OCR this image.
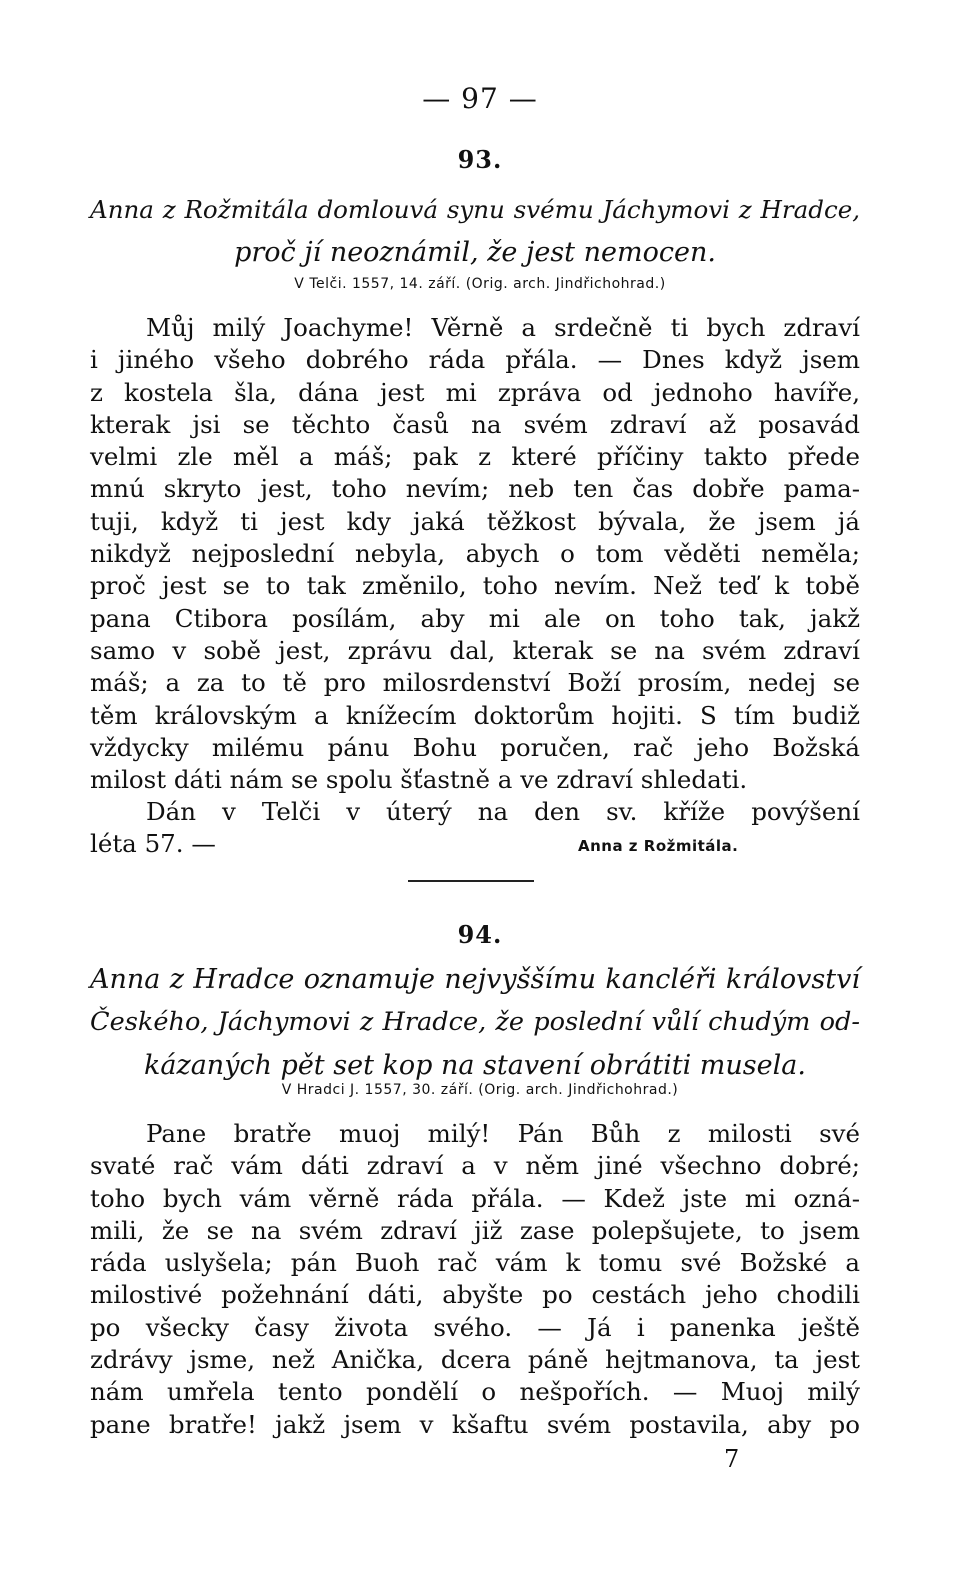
— 97 —
93.
Anna z Rožmitála domlouvá synu svému Jáchymovi z Hradce,
proč jí neoznámil, že jest nemocen.
V Telči. 1557, 14. září. (Orig. arch. Jindřichohrad.)
Můj milý Joachyme! Věrně a srdečně ti bych zdraví
i jiného všeho dobrého ráda přála. — Dnes když jsem
z kostela šla, dána jest mi zpráva od jednoho havíře,
kterak jsi se těchto časů na svém zdraví až posavád
velmi zle měl a máš; pak z které příčiny takto přede
mnú skryto jest, toho nevím; neb ten čas dobře pama-
tuji, když ti jest kdy jaká těžkost bývala, že jsem já
nikdyž nejposlední nebyla, abych o tom věděti neměla;
proč jest se to tak změnilo, toho nevím. Než teď k tobě
pana Ctibora posílám, aby mi ale on toho tak, jakž
samo v sobě jest, zprávu dal, kterak se na svém zdraví
máš; a za to tě pro milosrdenství Boží prosím, nedej se
těm královským a knížecím doktorům hojiti. S tím budiž
vždycky milému pánu Bohu poručen, rač jeho Božská
milost dáti nám se spolu šťastně a ve zdraví shledati.
Dán v Telči v úterý na den sv. kříže povýšení
léta 57. —	Anna z Rožmitála.
94.
Anna z Hradce oznamuje nejvyššímu kancléři království
Českého, Jáchymovi z Hradce, že poslední vůlí chudým od-
kázaných pět set kop na stavení obrátiti musela.
V Hradci J. 1557, 30. září. (Orig. arch. Jindřichohrad.)
Pane bratře muoj milý! Pán Bůh z milosti své
svaté rač vám dáti zdraví a v něm jiné všechno dobré;
toho bych vám věrně ráda přála. — Kdež jste mi ozná-
mili, že se na svém zdraví již zase polepšujete, to jsem
ráda uslyšela; pán Buoh rač vám k tomu své Božské a
milostivé požehnání dáti, abyšte po cestách jeho chodili
po všecky časy života svého. — Já i panenka ještě
zdrávy jsme, než Anička, dcera páně hejtmanova, ta jest
nám umřela tento pondělí o nešpořích. — Muoj milý
pane bratře! jakž jsem v kšaftu svém postavila, aby po
7
